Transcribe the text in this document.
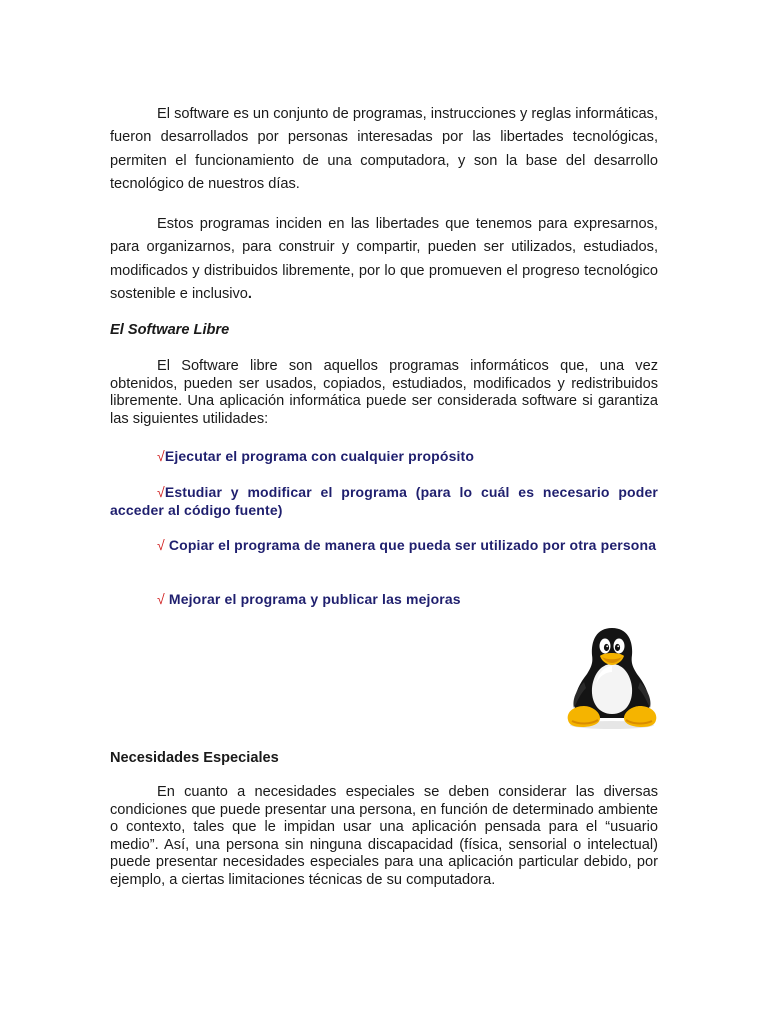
El software es un conjunto de programas, instrucciones y reglas informáticas, fueron desarrollados por personas interesadas por las libertades tecnológicas, permiten el funcionamiento de una computadora, y son la base del desarrollo tecnológico de nuestros días.

Estos programas inciden en las libertades que tenemos para expresarnos, para organizarnos, para construir y compartir, pueden ser utilizados, estudiados, modificados y distribuidos libremente, por lo que promueven el progreso tecnológico sostenible e inclusivo.

El Software Libre

El Software libre son aquellos programas informáticos que, una vez obtenidos, pueden ser usados, copiados, estudiados, modificados y redistribuidos libremente. Una aplicación informática puede ser considerada software si garantiza las siguientes utilidades:

√Ejecutar el programa con cualquier propósito

√Estudiar y modificar el programa (para lo cuál es necesario poder acceder al código fuente)

√ Copiar el programa de manera que pueda ser utilizado por otra persona

√ Mejorar el programa y publicar las mejoras

Necesidades Especiales

En cuanto a necesidades especiales se deben considerar las diversas condiciones que puede presentar una persona, en función de determinado ambiente o contexto, tales que le impidan usar una aplicación pensada para el “usuario medio”. Así, una persona sin ninguna discapacidad (física, sensorial o intelectual) puede presentar necesidades especiales para una aplicación particular debido, por ejemplo, a ciertas limitaciones técnicas de su computadora.
